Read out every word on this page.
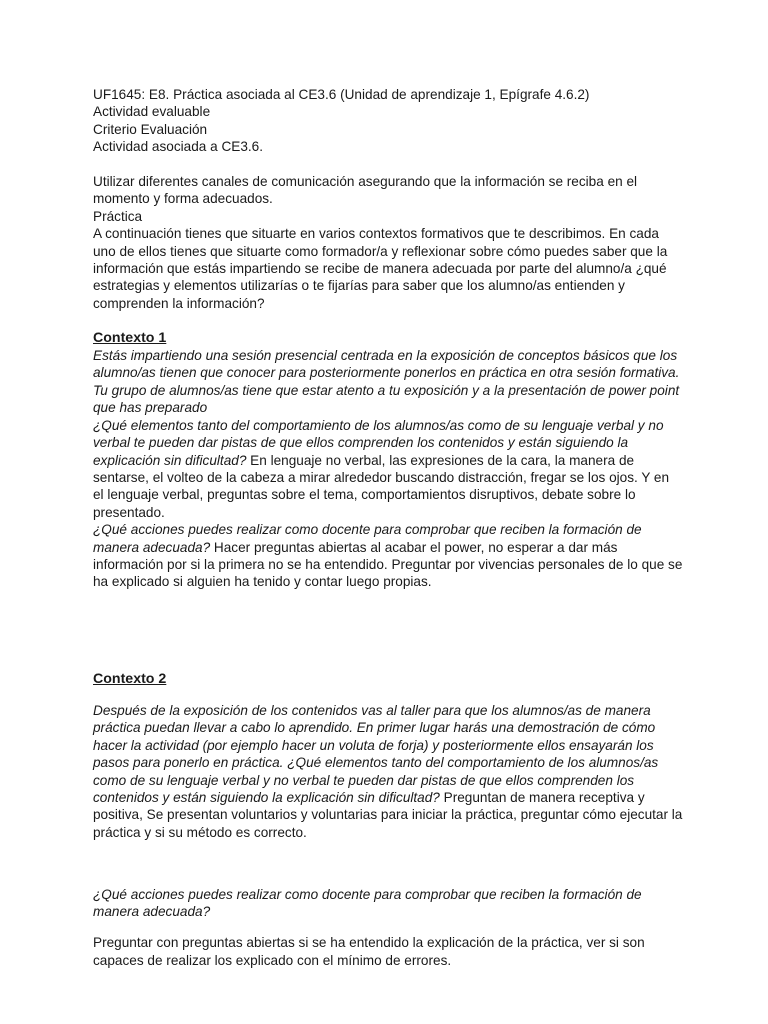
UF1645: E8. Práctica asociada al CE3.6 (Unidad de aprendizaje 1, Epígrafe 4.6.2)

Actividad evaluable

Criterio Evaluación

Actividad asociada a CE3.6.

Utilizar diferentes canales de comunicación asegurando que la información se reciba en el momento y forma adecuados.

Práctica

A continuación tienes que situarte en varios contextos formativos que te describimos. En cada uno de ellos tienes que situarte como formador/a y reflexionar sobre cómo puedes saber que la información que estás impartiendo se recibe de manera adecuada por parte del alumno/a ¿qué estrategias y elementos utilizarías o te fijarías para saber que los alumno/as entienden y comprenden la información?

Contexto 1

Estás impartiendo una sesión presencial centrada en la exposición de conceptos básicos que los alumno/as tienen que conocer para posteriormente ponerlos en práctica en otra sesión formativa. Tu grupo de alumnos/as tiene que estar atento a tu exposición y a la presentación de power point que has preparado

¿Qué elementos tanto del comportamiento de los alumnos/as como de su lenguaje verbal y no verbal te pueden dar pistas de que ellos comprenden los contenidos y están siguiendo la explicación sin dificultad? En lenguaje no verbal, las expresiones de la cara, la manera de sentarse, el volteo de la cabeza a mirar alrededor buscando distracción, fregar se los ojos. Y en el lenguaje verbal, preguntas sobre el tema, comportamientos disruptivos, debate sobre lo presentado.

¿Qué acciones puedes realizar como docente para comprobar que reciben la formación de manera adecuada? Hacer preguntas abiertas al acabar el power, no esperar a dar más información por si la primera no se ha entendido. Preguntar por vivencias personales de lo que se ha explicado si alguien ha tenido y contar luego propias.

Contexto 2

Después de la exposición de los contenidos vas al taller para que los alumnos/as de manera práctica puedan llevar a cabo lo aprendido. En primer lugar harás una demostración de cómo hacer la actividad (por ejemplo hacer un voluta de forja) y posteriormente ellos ensayarán los pasos para ponerlo en práctica. ¿Qué elementos tanto del comportamiento de los alumnos/as como de su lenguaje verbal y no verbal te pueden dar pistas de que ellos comprenden los contenidos y están siguiendo la explicación sin dificultad? Preguntan de manera receptiva y positiva, Se presentan voluntarios y voluntarias para iniciar la práctica, preguntar cómo ejecutar la práctica y si su método es correcto.

¿Qué acciones puedes realizar como docente para comprobar que reciben la formación de manera adecuada?

Preguntar con preguntas abiertas si se ha entendido la explicación de la práctica, ver si son capaces de realizar los explicado con el mínimo de errores.
